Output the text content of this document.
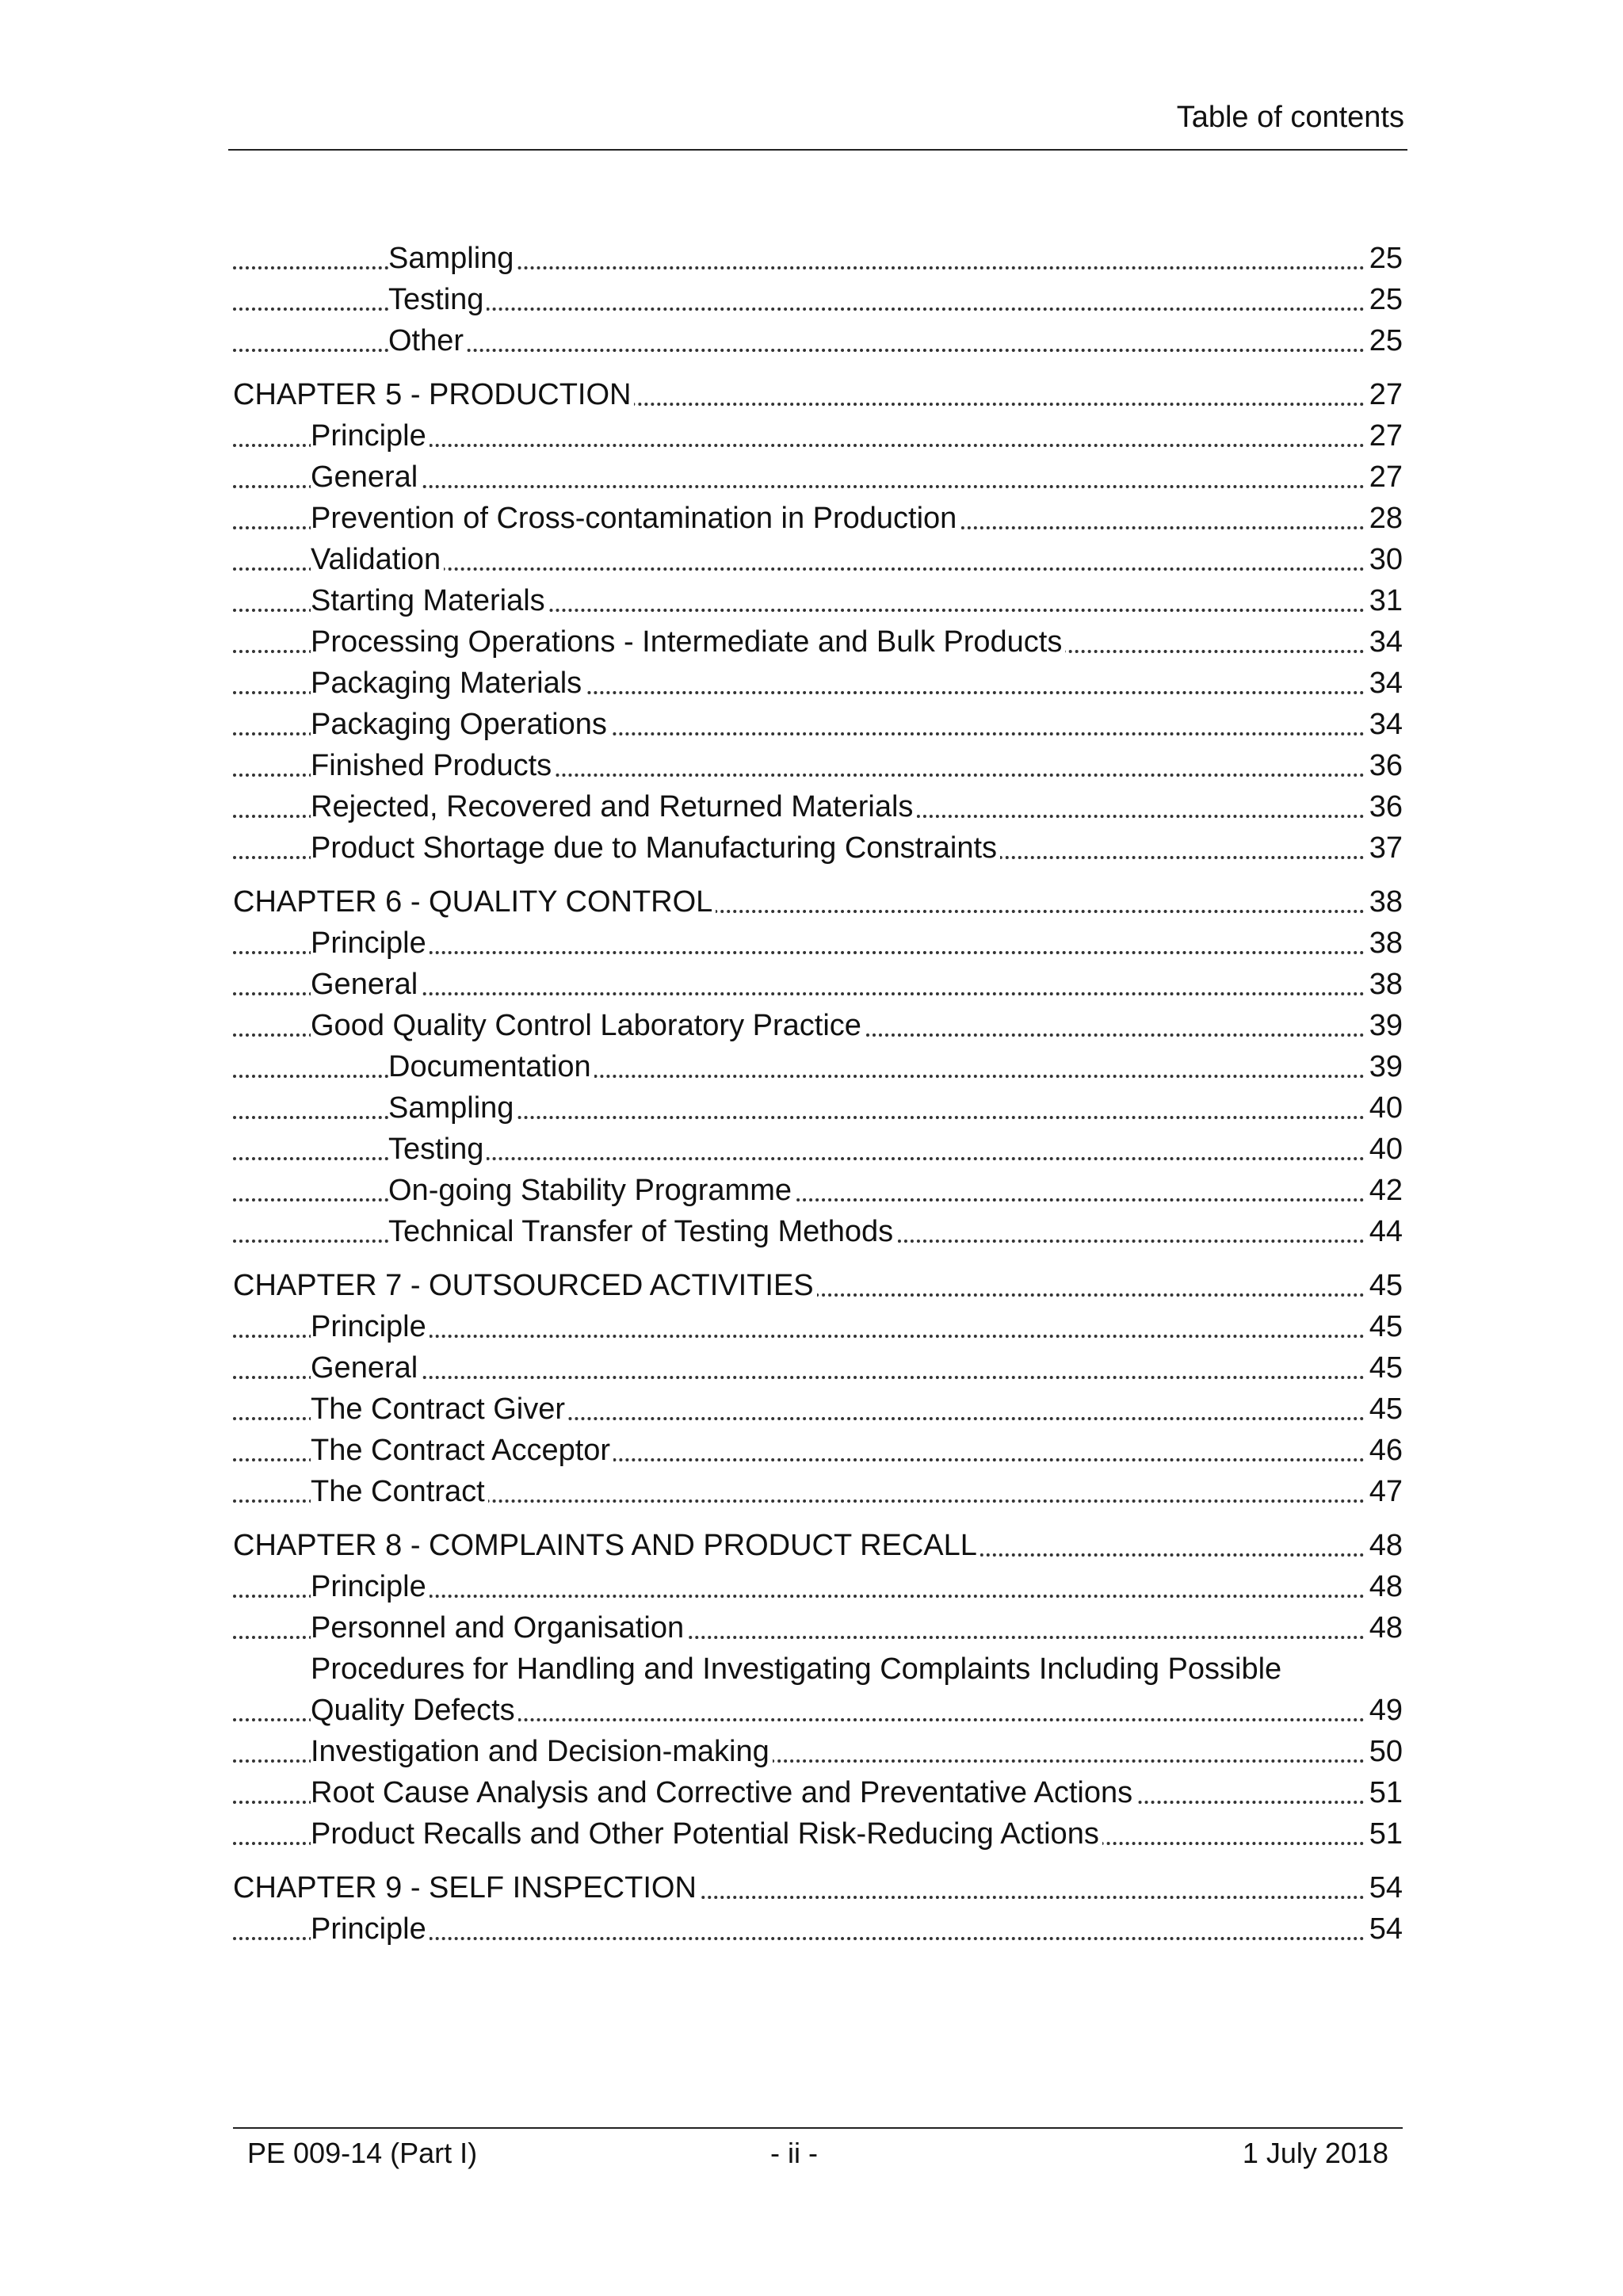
Table of contents
Sampling	25
Testing	25
Other	25
CHAPTER 5 - PRODUCTION	27
Principle	27
General	27
Prevention of Cross-contamination in Production	28
Validation	30
Starting Materials	31
Processing Operations - Intermediate and Bulk Products	34
Packaging Materials	34
Packaging Operations	34
Finished Products	36
Rejected, Recovered and Returned Materials	36
Product Shortage due to Manufacturing Constraints	37
CHAPTER 6 - QUALITY CONTROL	38
Principle	38
General	38
Good Quality Control Laboratory Practice	39
Documentation	39
Sampling	40
Testing	40
On-going Stability Programme	42
Technical Transfer of Testing Methods	44
CHAPTER 7 - OUTSOURCED ACTIVITIES	45
Principle	45
General	45
The Contract Giver	45
The Contract Acceptor	46
The Contract	47
CHAPTER 8 - COMPLAINTS AND PRODUCT RECALL	48
Principle	48
Personnel and Organisation	48
Procedures for Handling and Investigating Complaints Including Possible
Quality Defects	49
Investigation and Decision-making	50
Root Cause Analysis and Corrective and Preventative Actions	51
Product Recalls and Other Potential Risk-Reducing Actions	51
CHAPTER 9 - SELF INSPECTION	54
Principle	54
PE 009-14 (Part I)	- ii -	1 July 2018
